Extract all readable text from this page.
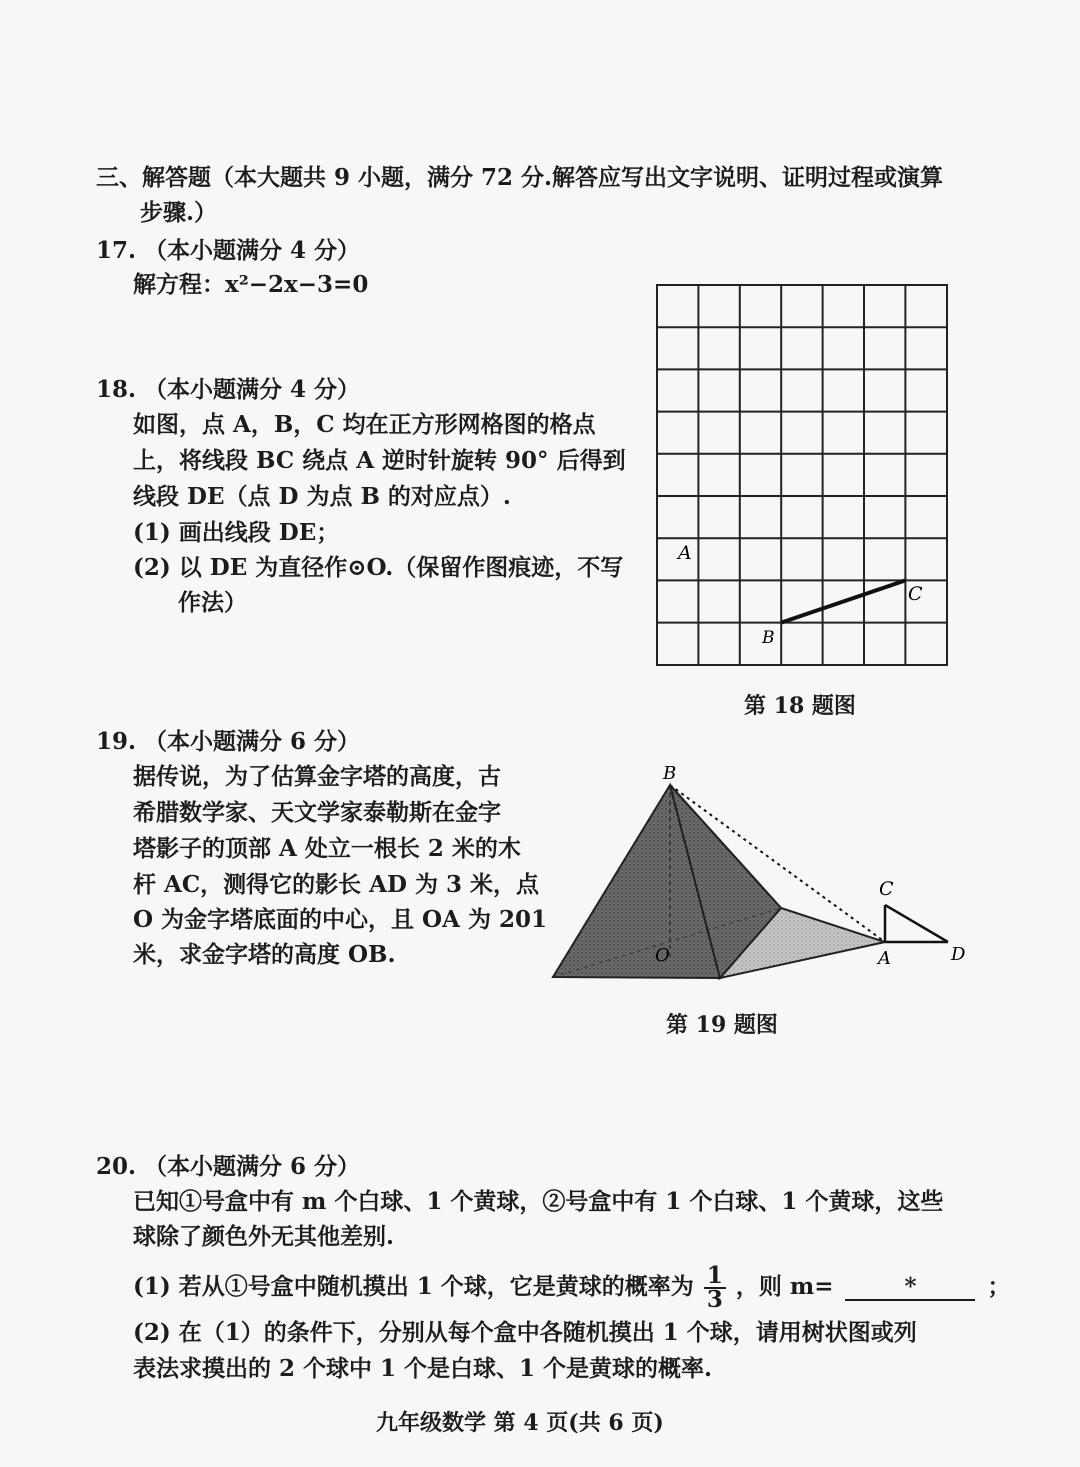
三、解答题（本大题共 9 小题，满分 72 分.解答应写出文字说明、证明过程或演算
步骤.）
17. （本小题满分 4 分）
解方程：x²−2x−3=0
18. （本小题满分 4 分）
如图，点 A，B，C 均在正方形网格图的格点
上，将线段 BC 绕点 A 逆时针旋转 90° 后得到
线段 DE（点 D 为点 B 的对应点）.
(1) 画出线段 DE；
(2) 以 DE 为直径作⊙O.（保留作图痕迹，不写
作法）
A
B
C
第 18 题图
19. （本小题满分 6 分）
据传说，为了估算金字塔的高度，古
希腊数学家、天文学家泰勒斯在金字
塔影子的顶部 A 处立一根长 2 米的木
杆 AC，测得它的影长 AD 为 3 米，点
O 为金字塔底面的中心，且 OA 为 201
米，求金字塔的高度 OB.
B
C
O	A	D
第 19 题图
20. （本小题满分 6 分）
已知①号盒中有 m 个白球、1 个黄球，②号盒中有 1 个白球、1 个黄球，这些
球除了颜色外无其他差别.
(1) 若从①号盒中随机摸出 1 个球，它是黄球的概率为 $\frac{1}{3}$ ，则 m=	*	；
(2) 在（1）的条件下，分别从每个盒中各随机摸出 1 个球，请用树状图或列
表法求摸出的 2 个球中 1 个是白球、1 个是黄球的概率.
九年级数学 第 4 页(共 6 页)
